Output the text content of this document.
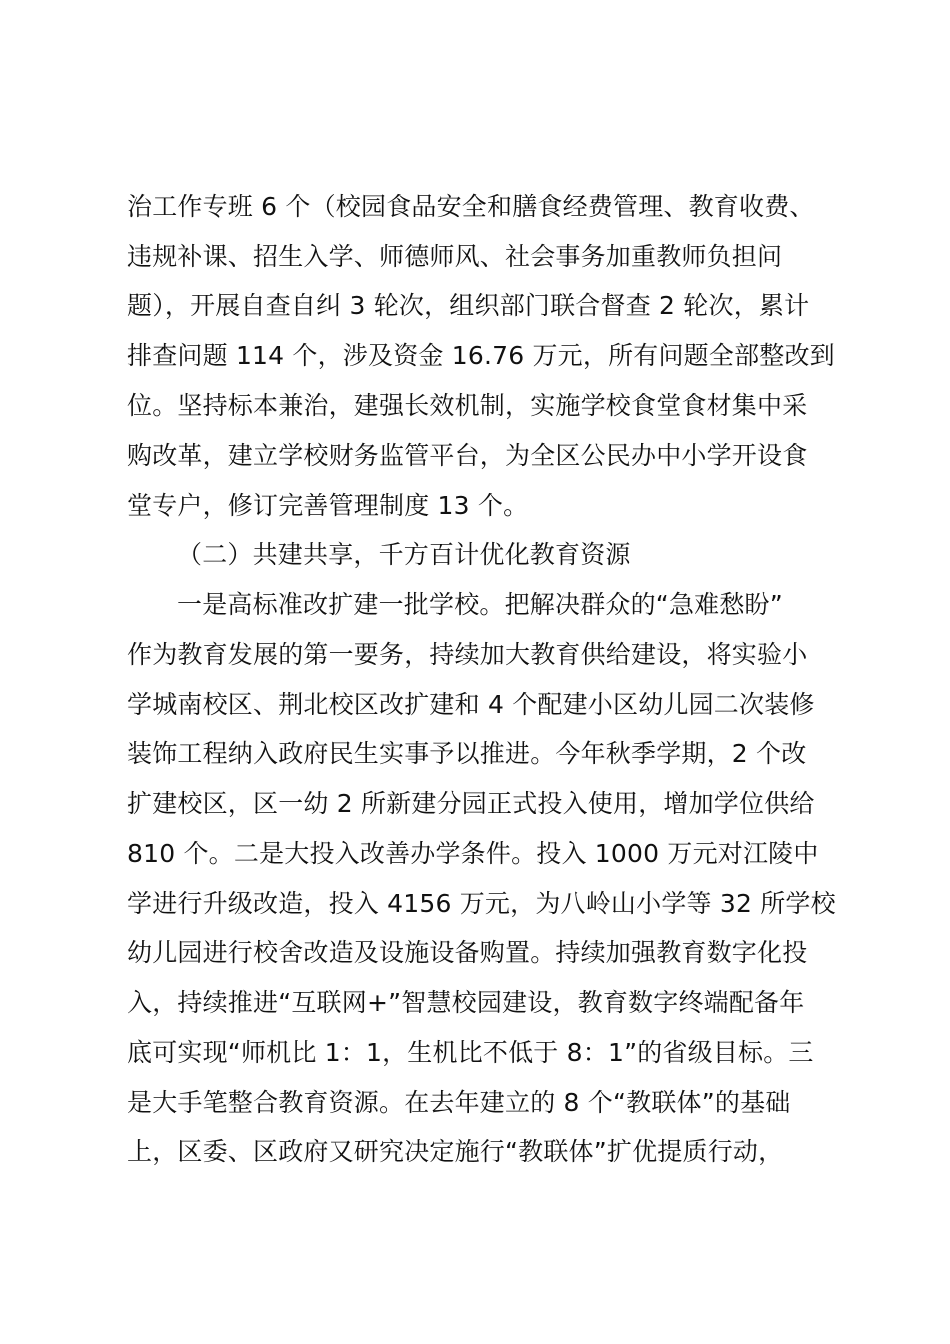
治工作专班 6 个（校园食品安全和膳食经费管理、教育收费、
违规补课、招生入学、师德师风、社会事务加重教师负担问
题），开展自查自纠 3 轮次，组织部门联合督查 2 轮次，累计
排查问题 114 个，涉及资金 16.76 万元，所有问题全部整改到
位。坚持标本兼治，建强长效机制，实施学校食堂食材集中采
购改革，建立学校财务监管平台，为全区公民办中小学开设食
堂专户，修订完善管理制度 13 个。
（二）共建共享，千方百计优化教育资源
一是高标准改扩建一批学校。把解决群众的“急难愁盼”
作为教育发展的第一要务，持续加大教育供给建设，将实验小
学城南校区、荆北校区改扩建和 4 个配建小区幼儿园二次装修
装饰工程纳入政府民生实事予以推进。今年秋季学期，2 个改
扩建校区，区一幼 2 所新建分园正式投入使用，增加学位供给
810 个。二是大投入改善办学条件。投入 1000 万元对江陵中
学进行升级改造，投入 4156 万元，为八岭山小学等 32 所学校
幼儿园进行校舍改造及设施设备购置。持续加强教育数字化投
入，持续推进“互联网+”智慧校园建设，教育数字终端配备年
底可实现“师机比 1：1，生机比不低于 8：1”的省级目标。三
是大手笔整合教育资源。在去年建立的 8 个“教联体”的基础
上，区委、区政府又研究决定施行“教联体”扩优提质行动，
